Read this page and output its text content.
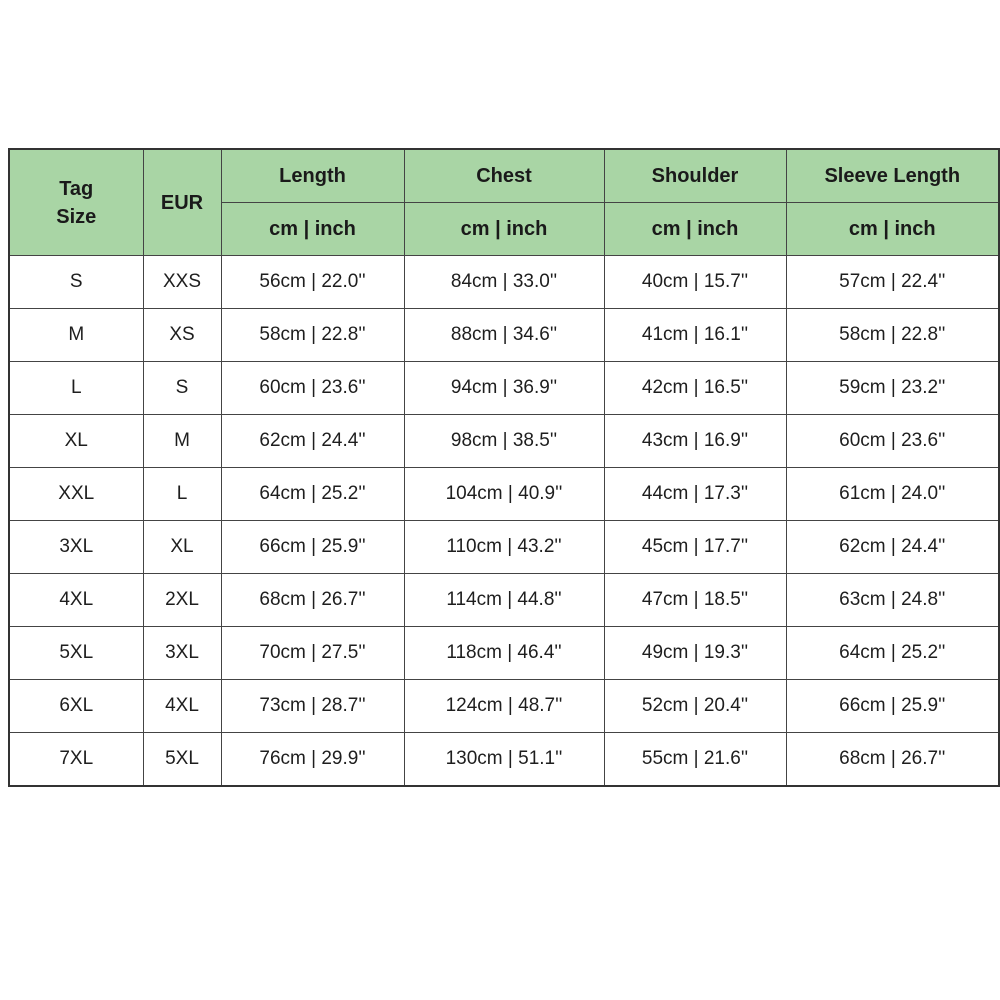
Tag
Size	EUR	Length	Chest	Shoulder	Sleeve Length
		cm | inch	cm | inch	cm | inch	cm | inch
S	XXS	56cm | 22.0''	84cm | 33.0''	40cm | 15.7''	57cm | 22.4''
M	XS	58cm | 22.8''	88cm | 34.6''	41cm | 16.1''	58cm | 22.8''
L	S	60cm | 23.6''	94cm | 36.9''	42cm | 16.5''	59cm | 23.2''
XL	M	62cm | 24.4''	98cm | 38.5''	43cm | 16.9''	60cm | 23.6''
XXL	L	64cm | 25.2''	104cm | 40.9''	44cm | 17.3''	61cm | 24.0''
3XL	XL	66cm | 25.9''	110cm | 43.2''	45cm | 17.7''	62cm | 24.4''
4XL	2XL	68cm | 26.7''	114cm | 44.8''	47cm | 18.5''	63cm | 24.8''
5XL	3XL	70cm | 27.5''	118cm | 46.4''	49cm | 19.3''	64cm | 25.2''
6XL	4XL	73cm | 28.7''	124cm | 48.7''	52cm | 20.4''	66cm | 25.9''
7XL	5XL	76cm | 29.9''	130cm | 51.1''	55cm | 21.6''	68cm | 26.7''
